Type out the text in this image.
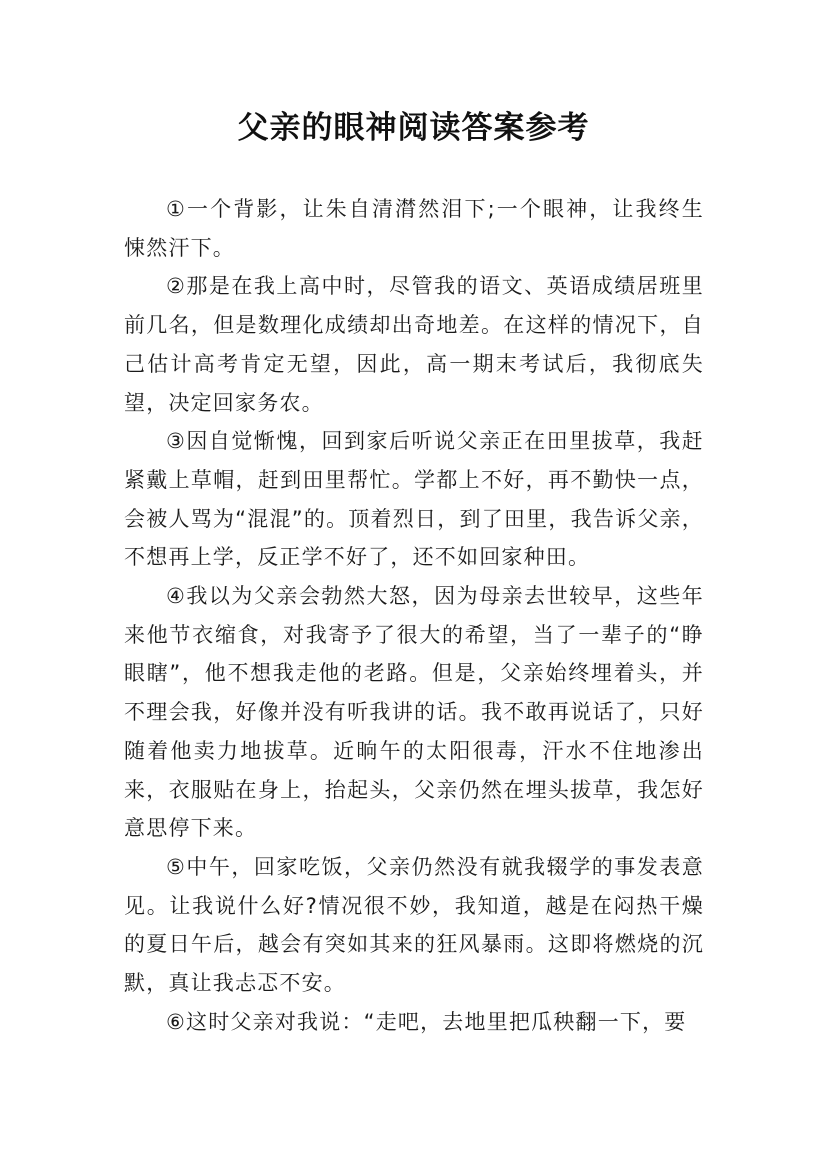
父亲的眼神阅读答案参考

①一个背影，让朱自清潸然泪下;一个眼神，让我终生悚然汗下。

②那是在我上高中时，尽管我的语文、英语成绩居班里前几名，但是数理化成绩却出奇地差。在这样的情况下，自己估计高考肯定无望，因此，高一期末考试后，我彻底失望，决定回家务农。

③因自觉惭愧，回到家后听说父亲正在田里拔草，我赶紧戴上草帽，赶到田里帮忙。学都上不好，再不勤快一点，会被人骂为“混混”的。顶着烈日，到了田里，我告诉父亲，不想再上学，反正学不好了，还不如回家种田。

④我以为父亲会勃然大怒，因为母亲去世较早，这些年来他节衣缩食，对我寄予了很大的希望，当了一辈子的“睁眼瞎”，他不想我走他的老路。但是，父亲始终埋着头，并不理会我，好像并没有听我讲的话。我不敢再说话了，只好随着他卖力地拔草。近晌午的太阳很毒，汗水不住地渗出来，衣服贴在身上，抬起头，父亲仍然在埋头拔草，我怎好意思停下来。

⑤中午，回家吃饭，父亲仍然没有就我辍学的事发表意见。让我说什么好?情况很不妙，我知道，越是在闷热干燥的夏日午后，越会有突如其来的狂风暴雨。这即将燃烧的沉默，真让我忐忑不安。

⑥这时父亲对我说：“走吧，去地里把瓜秧翻一下，要
